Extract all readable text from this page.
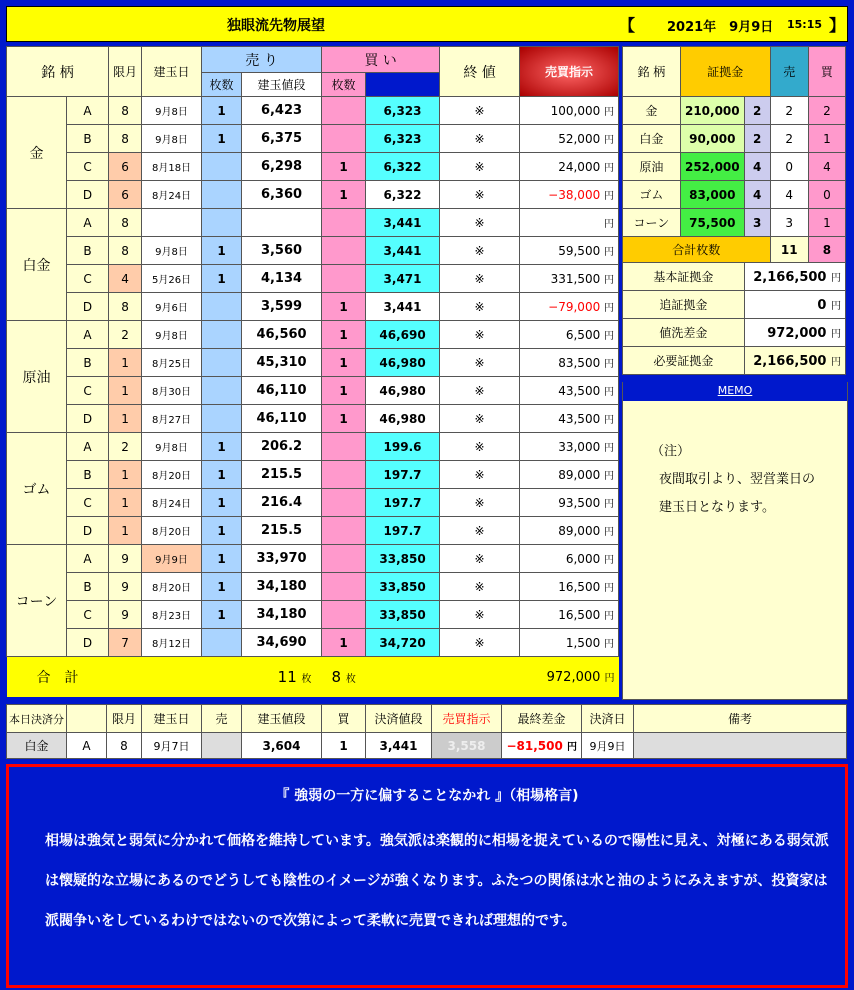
独眼流先物展望	【 2021年　9月9日 15:15 】
銘 柄		限月	建玉日	売 り		買 い		終 値	売買指示	
				枚数	建玉値段	枚数				
金	A	8	9月8日	1	6,423		6,323	※	100,000 円	
	B	8	9月8日	1	6,375		6,323	※	52,000 円	
	C	6	8月18日		6,298	1	6,322	※	24,000 円	
	D	6	8月24日		6,360	1	6,322	※	−38,000 円	
白金	A	8					3,441	※	円	
	B	8	9月8日	1	3,560		3,441	※	59,500 円	
	C	4	5月26日	1	4,134		3,471	※	331,500 円	
	D	8	9月6日		3,599	1	3,441	※	−79,000 円	
原油	A	2	9月8日		46,560	1	46,690	※	6,500 円	
	B	1	8月25日		45,310	1	46,980	※	83,500 円	
	C	1	8月30日		46,110	1	46,980	※	43,500 円	
	D	1	8月27日		46,110	1	46,980	※	43,500 円	
ゴム	A	2	9月8日	1	206.2		199.6	※	33,000 円	
	B	1	8月20日	1	215.5		197.7	※	89,000 円	
	C	1	8月24日	1	216.4		197.7	※	93,500 円	
	D	1	8月20日	1	215.5		197.7	※	89,000 円	
コーン	A	9	9月9日	1	33,970		33,850	※	6,000 円	
	B	9	8月20日	1	34,180		33,850	※	16,500 円	
	C	9	8月23日	1	34,180		33,850	※	16,500 円	
	D	7	8月12日		34,690	1	34,720	※	1,500 円	
合　計				11 枚		8 枚			972,000 円	
銘 柄	証拠金		売	買
金	210,000	2	2	2
白金	90,000	2	2	1
原油	252,000	4	0	4
ゴム	83,000	4	4	0
コーン	75,500	3	3	1
合計枚数			11	8
基本証拠金		2,166,500 円		
追証拠金		0 円		
値洗差金		972,000 円		
必要証拠金		2,166,500 円		
MEMO
（注）
夜間取引より、翌営業日の
建玉日となります。
本日決済分		限月	建玉日	売	建玉値段	買	決済値段	売買指示	最終差金	決済日	備考
白金	A	8	9月7日		3,604	1	3,441	3,558	−81,500 円	9月9日	
『 強弱の一方に偏することなかれ 』（相場格言)
相場は強気と弱気に分かれて価格を維持しています。強気派は楽観的に相場を捉えているので陽性に見え、対極にある弱気派は懐疑的な立場にあるのでどうしても陰性のイメージが強くなります。ふたつの関係は水と油のようにみえますが、投資家は派閥争いをしているわけではないので次第によって柔軟に売買できれば理想的です。
